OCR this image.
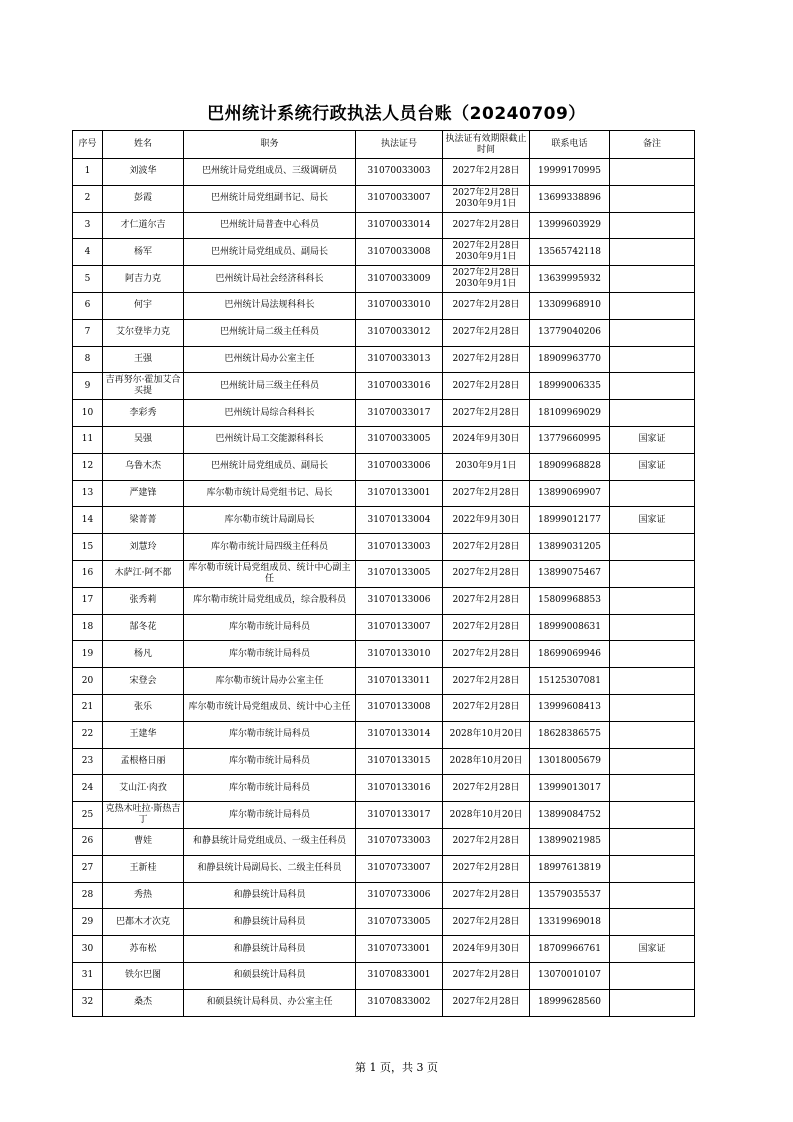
巴州统计系统行政执法人员台账（20240709）
序号	姓名	职务	执法证号	执法证有效期限截止时间	联系电话	备注
1	刘波华	巴州统计局党组成员、三级调研员	31070033003	2027年2月28日	19999170995	
2	彭霞	巴州统计局党组副书记、局长	31070033007	2027年2月28日 2030年9月1日	13699338896	
3	才仁道尔吉	巴州统计局普查中心科员	31070033014	2027年2月28日	13999603929	
4	杨军	巴州统计局党组成员、副局长	31070033008	2027年2月28日 2030年9月1日	13565742118	
5	阿吉力克	巴州统计局社会经济科科长	31070033009	2027年2月28日 2030年9月1日	13639995932	
6	何宇	巴州统计局法规科科长	31070033010	2027年2月28日	13309968910	
7	艾尔登毕力克	巴州统计局二级主任科员	31070033012	2027年2月28日	13779040206	
8	王强	巴州统计局办公室主任	31070033013	2027年2月28日	18909963770	
9	吉再努尔·霍加艾合买提	巴州统计局三级主任科员	31070033016	2027年2月28日	18999006335	
10	李彩秀	巴州统计局综合科科长	31070033017	2027年2月28日	18109969029	
11	吴强	巴州统计局工交能源科科长	31070033005	2024年9月30日	13779660995	国家证
12	乌鲁木杰	巴州统计局党组成员、副局长	31070033006	2030年9月1日	18909968828	国家证
13	严建锋	库尔勒市统计局党组书记、局长	31070133001	2027年2月28日	13899069907	
14	梁菁菁	库尔勒市统计局副局长	31070133004	2022年9月30日	18999012177	国家证
15	刘慧玲	库尔勒市统计局四级主任科员	31070133003	2027年2月28日	13899031205	
16	木萨江·阿不都	库尔勒市统计局党组成员、统计中心副主任	31070133005	2027年2月28日	13899075467	
17	张秀莉	库尔勒市统计局党组成员，综合股科员	31070133006	2027年2月28日	15809968853	
18	郜冬花	库尔勒市统计局科员	31070133007	2027年2月28日	18999008631	
19	杨凡	库尔勒市统计局科员	31070133010	2027年2月28日	18699069946	
20	宋登会	库尔勒市统计局办公室主任	31070133011	2027年2月28日	15125307081	
21	张乐	库尔勒市统计局党组成员、统计中心主任	31070133008	2027年2月28日	13999608413	
22	王建华	库尔勒市统计局科员	31070133014	2028年10月20日	18628386575	
23	孟根格日丽	库尔勒市统计局科员	31070133015	2028年10月20日	13018005679	
24	艾山江·肉孜	库尔勒市统计局科员	31070133016	2027年2月28日	13999013017	
25	克热木吐拉·斯热吉丁	库尔勒市统计局科员	31070133017	2028年10月20日	13899084752	
26	曹娃	和静县统计局党组成员、一级主任科员	31070733003	2027年2月28日	13899021985	
27	王新桂	和静县统计局副局长、二级主任科员	31070733007	2027年2月28日	18997613819	
28	秀热	和静县统计局科员	31070733006	2027年2月28日	13579035537	
29	巴都木才次克	和静县统计局科员	31070733005	2027年2月28日	13319969018	
30	苏布松	和静县统计局科员	31070733001	2024年9月30日	18709966761	国家证
31	铁尔巴图	和硕县统计局科员	31070833001	2027年2月28日	13070010107	
32	桑杰	和硕县统计局科员、办公室主任	31070833002	2027年2月28日	18999628560	
第 1 页，共 3 页
